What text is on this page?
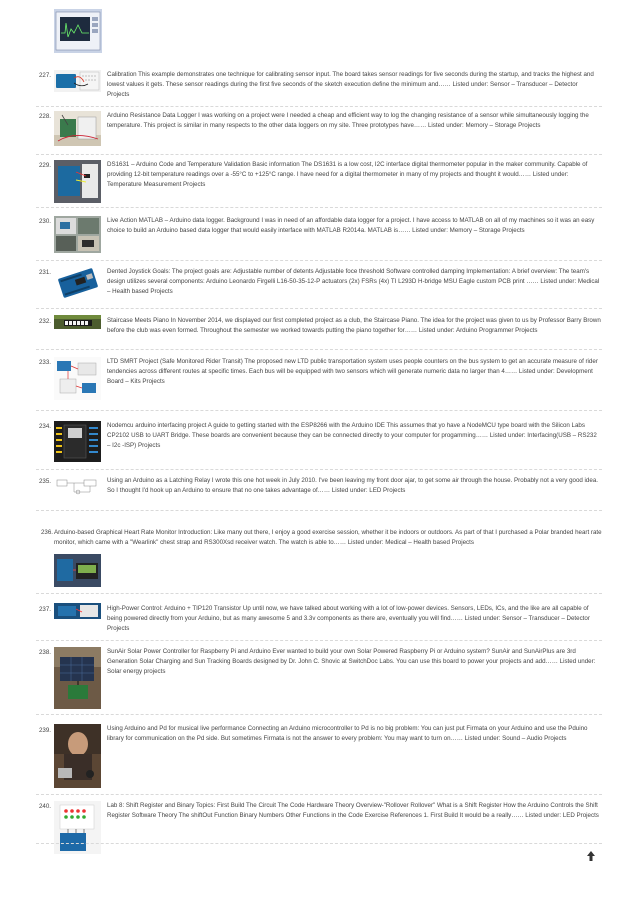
227.	Calibration This example demonstrates one technique for calibrating sensor input. The board takes sensor readings for five seconds during the startup, and tracks the highest and lowest values it gets. These sensor readings during the first five seconds of the sketch execution define the minimum and…… Listed under: Sensor – Transducer – Detector Projects
228.	Arduino Resistance Data Logger I was working on a project were I needed a cheap and efficient way to log the changing resistance of a sensor while simultaneously logging the temperature. This project is similar in many respects to the other data loggers on my site. Three prototypes have…… Listed under: Memory – Storage Projects
229.	DS1631 – Arduino Code and Temperature Validation Basic information The DS1631 is a low cost, I2C interface digital thermometer popular in the maker community. Capable of providing 12-bit temperature readings over a -55°C to +125°C range. I have need for a digital thermometer in many of my projects and thought it would…… Listed under: Temperature Measurement Projects
230.	Live Action MATLAB – Arduino data logger. Background I was in need of an affordable data logger for a project. I have access to MATLAB on all of my machines so it was an easy choice to build an Arduino based data logger that would easily interface with MATLAB R2014a. MATLAB is…… Listed under: Memory – Storage Projects
231.	Dented Joystick Goals: The project goals are: Adjustable number of detents Adjustable foce threshold Software controlled damping Implementation: A brief overview: The team's design utilizes several components: Arduino Leonardo Firgelli L16-50-35-12-P actuators (2x) FSRs (4x) TI L293D H-bridge MSU Eagle custom PCB print …… Listed under: Medical – Health based Projects
232.	Staircase Meets Piano In November 2014, we displayed our first completed project as a club, the Staircase Piano. The idea for the project was given to us by Professor Barry Brown before the club was even formed. Throughout the semester we worked towards putting the piano together for…… Listed under: Arduino Programmer Projects
233.	LTD SMRT Project (Safe Monitored Rider Transit) The proposed new LTD public transportation system uses people counters on the bus system to get an accurate measure of rider tendencies across different routes at specific times. Each bus will be equipped with two sensors which will generate numeric data no larger than 4…… Listed under: Development Board – Kits Projects
234.	Nodemcu arduino interfacing project A guide to getting started with the ESP8266 with the Arduino IDE This assumes that yo have a NodeMCU type board with the Silicon Labs CP2102 USB to UART Bridge. These boards are convenient because they can be connected directly to your computer for progamming…… Listed under: Interfacing(USB – RS232 – I2c -ISP) Projects
235.	Using an Arduino as a Latching Relay I wrote this one hot week in July 2010. I've been leaving my front door ajar, to get some air through the house. Probably not a very good idea. So I thought I'd hook up an Arduino to ensure that no one takes advantage of…… Listed under: LED Projects
236. Arduino-based Graphical Heart Rate Monitor Introduction: Like many out there, I enjoy a good exercise session, whether it be indoors or outdoors. As part of that I purchased a Polar branded heart rate monitor, which came with a "Wearlink" chest strap and RS300Xsd receiver watch. The watch is able to…… Listed under: Medical – Health based Projects
237.	High-Power Control: Arduino + TIP120 Transistor Up until now, we have talked about working with a lot of low-power devices. Sensors, LEDs, ICs, and the like are all capable of being powered directly from your Arduino, but as many awesome 5 and 3.3v components as there are, eventually you will find…… Listed under: Sensor – Transducer – Detector Projects
238.	SunAir Solar Power Controller for Raspberry Pi and Arduino Ever wanted to build your own Solar Powered Raspberry Pi or Arduino system? SunAir and SunAirPlus are 3rd Generation Solar Charging and Sun Tracking Boards designed by Dr. John C. Shovic at SwitchDoc Labs. You can use this board to power your projects and add…… Listed under: Solar energy projects
239.	Using Arduino and Pd for musical live performance Connecting an Arduino microcontroller to Pd is no big problem: You can just put Firmata on your Arduino and use the Pduino library for communication on the Pd side. But sometimes Firmata is not the answer to every problem: You may want to turn on…… Listed under: Sound – Audio Projects
240.	Lab 8: Shift Register and Binary Topics: First Build The Circuit The Code Hardware Theory Overview-"Rollover Rollover" What is a Shift Register How the Arduino Controls the Shift Register Software Theory The shiftOut Function Binary Numbers Other Functions in the Code Exercise References 1. First Build It would be a really…… Listed under: LED Projects
